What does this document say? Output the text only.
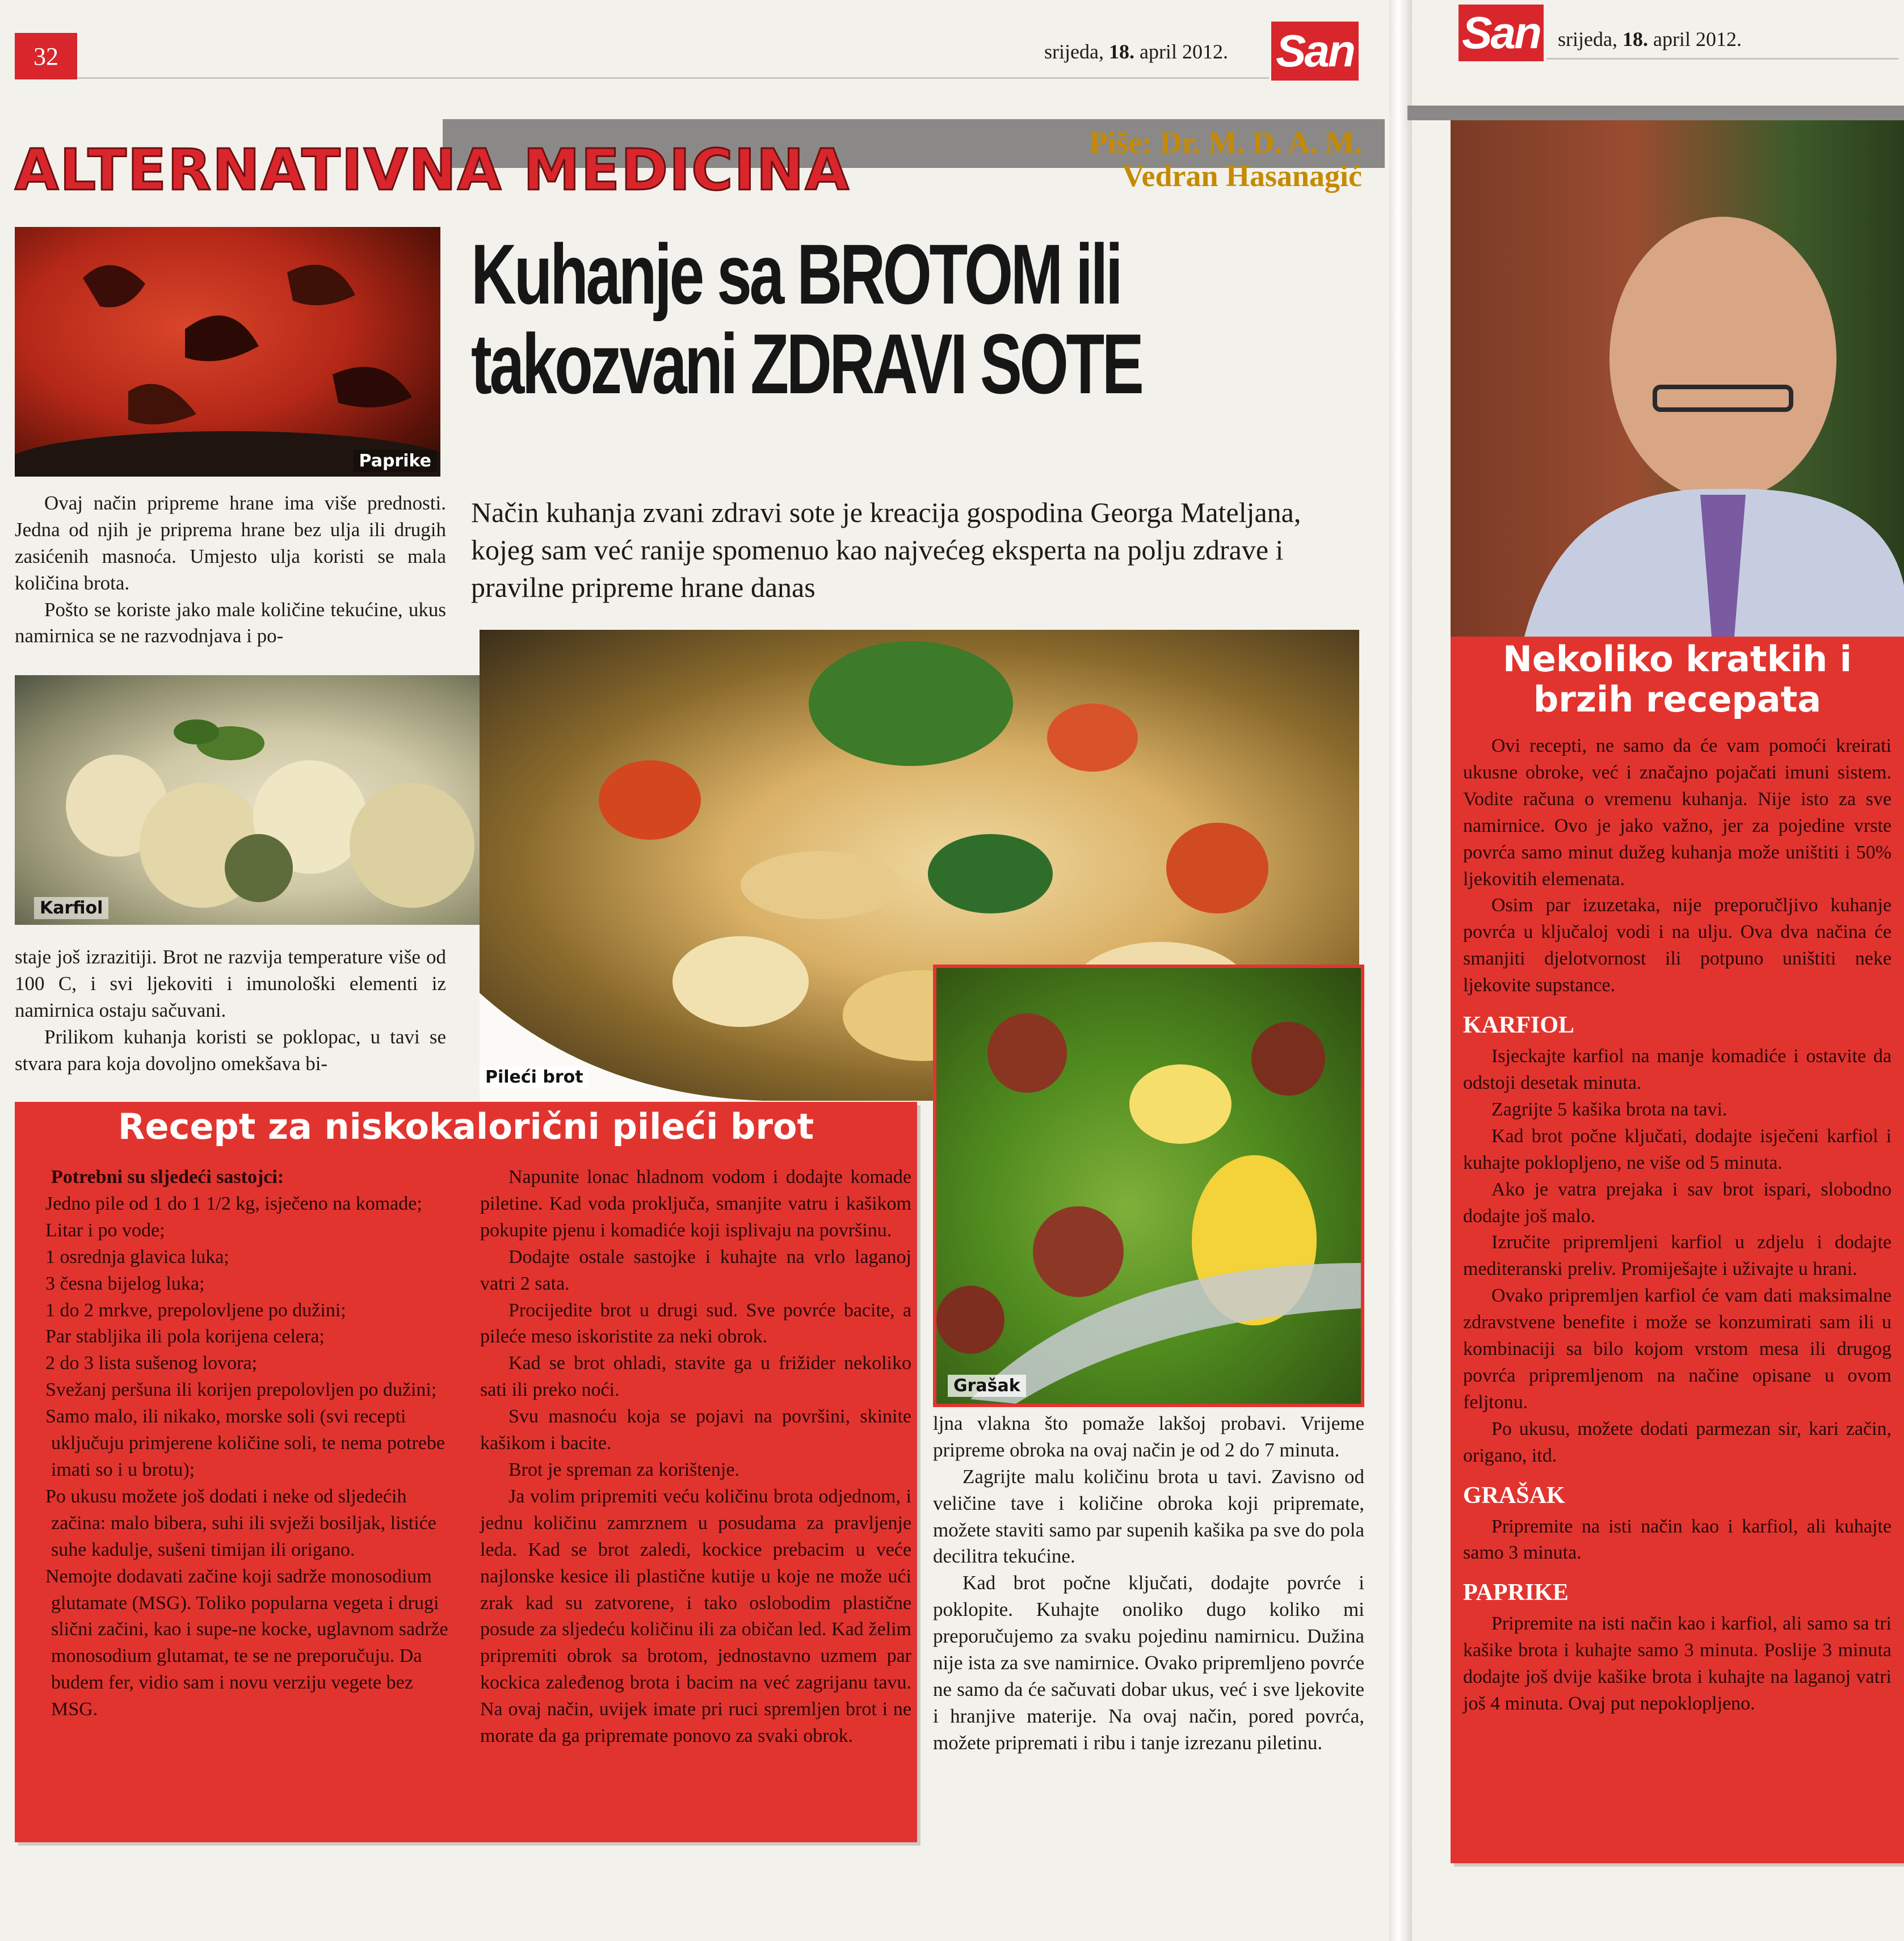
32	srijeda, 18. april 2012. San San srijeda, 18. april 2012.
ALTERNATIVNA MEDICINA	Piše: Dr. M. D. A. M.
Vedran Hasanagić
Paprike
Kuhanje sa BROTOM ili
takozvani ZDRAVI SOTE
Način kuhanja zvani zdravi sote je kreacija gospodina Georga Mateljana, kojeg sam već ranije spomenuo kao najvećeg eksperta na polju zdrave i pravilne pripreme hrane danas

Ovaj način pripreme hrane ima više prednosti. Jedna od njih je priprema hrane bez ulja ili drugih zasićenih masnoća. Umjesto ulja koristi se mala količina brota.

Pošto se koriste jako male količine tekućine, ukus namirnica se ne razvodnjava i po-

Karfiol
Pileći brot

staje još izrazitiji. Brot ne razvija temperature više od 100 C, i svi ljekoviti i imunološki elementi iz namirnica ostaju sačuvani.

Prilikom kuhanja koristi se poklopac, u tavi se stvara para koja dovoljno omekšava bi-

Recept za niskokalorični pileći brot

Potrebni su sljedeći sastojci:

Jedno pile od 1 do 1 1/2 kg, isječeno na komade;

Litar i po vode;

1 osrednja glavica luka;

3 česna bijelog luka;

1 do 2 mrkve, prepolovljene po dužini;

Par stabljika ili pola korijena celera;

2 do 3 lista sušenog lovora;

Svežanj peršuna ili korijen prepolovljen po dužini;

Samo malo, ili nikako, morske soli (svi recepti uključuju primjerene količine soli, te nema potrebe imati so i u brotu);

Po ukusu možete još dodati i neke od sljedećih začina: malo bibera, suhi ili svježi bosiljak, listiće suhe kadulje, sušeni timijan ili origano.

Nemojte dodavati začine koji sadrže monosodium glutamate (MSG). Toliko popularna vegeta i drugi slični začini, kao i supe-ne kocke, uglavnom sadrže monosodium glutamat, te se ne preporučuju. Da budem fer, vidio sam i novu verziju vegete bez MSG.

Napunite lonac hladnom vodom i dodajte komade piletine. Kad voda proključa, smanjite vatru i kašikom pokupite pjenu i komadiće koji isplivaju na površinu.

Dodajte ostale sastojke i kuhajte na vrlo laganoj vatri 2 sata.

Procijedite brot u drugi sud. Sve povrće bacite, a pileće meso iskoristite za neki obrok.

Kad se brot ohladi, stavite ga u frižider nekoliko sati ili preko noći.

Svu masnoću koja se pojavi na površini, skinite kašikom i bacite.

Brot je spreman za korištenje.

Ja volim pripremiti veću količinu brota odjednom, i jednu količinu zamrznem u posudama za pravljenje leda. Kad se brot zaledi, kockice prebacim u veće najlonske kesice ili plastične kutije u koje ne može ući zrak kad su zatvorene, i tako oslobodim plastične posude za sljedeću količinu ili za običan led. Kad želim pripremiti obrok sa brotom, jednostavno uzmem par kockica zaleđenog brota i bacim na već zagrijanu tavu. Na ovaj način, uvijek imate pri ruci spremljen brot i ne morate da ga pripremate ponovo za svaki obrok.

Grašak

ljna vlakna što pomaže lakšoj probavi. Vrijeme pripreme obroka na ovaj način je od 2 do 7 minuta.

Zagrijte malu količinu brota u tavi. Zavisno od veličine tave i količine obroka koji pripremate, možete staviti samo par supenih kašika pa sve do pola decilitra tekućine.

Kad brot počne ključati, dodajte povrće i poklopite. Kuhajte onoliko dugo koliko mi preporučujemo za svaku pojedinu namirnicu. Dužina nije ista za sve namirnice. Ovako pripremljeno povrće ne samo da će sačuvati dobar ukus, već i sve ljekovite i hranjive materije. Na ovaj način, pored povrća, možete pripremati i ribu i tanje izrezanu piletinu.

Nekoliko kratkih i
brzih recepata

Ovi recepti, ne samo da će vam pomoći kreirati ukusne obroke, već i značajno pojačati imuni sistem. Vodite računa o vremenu kuhanja. Nije isto za sve namirnice. Ovo je jako važno, jer za pojedine vrste povrća samo minut dužeg kuhanja može uništiti i 50% ljekovitih elemenata.

Osim par izuzetaka, nije preporučljivo kuhanje povrća u ključaloj vodi i na ulju. Ova dva načina će smanjiti djelotvornost ili potpuno uništiti neke ljekovite supstance.

KARFIOL

Isjeckajte karfiol na manje komadiće i ostavite da odstoji desetak minuta.

Zagrijte 5 kašika brota na tavi.

Kad brot počne ključati, dodajte isječeni karfiol i kuhajte poklopljeno, ne više od 5 minuta.

Ako je vatra prejaka i sav brot ispari, slobodno dodajte još malo.

Izručite pripremljeni karfiol u zdjelu i dodajte mediteranski preliv. Promiješajte i uživajte u hrani.

Ovako pripremljen karfiol će vam dati maksimalne zdravstvene benefite i može se konzumirati sam ili u kombinaciji sa bilo kojom vrstom mesa ili drugog povrća pripremljenom na načine opisane u ovom feljtonu.

Po ukusu, možete dodati parmezan sir, kari začin, origano, itd.

GRAŠAK

Pripremite na isti način kao i karfiol, ali kuhajte samo 3 minuta.

PAPRIKE

Pripremite na isti način kao i karfiol, ali samo sa tri kašike brota i kuhajte samo 3 minuta. Poslije 3 minuta dodajte još dvije kašike brota i kuhajte na laganoj vatri još 4 minuta. Ovaj put nepoklopljeno.
